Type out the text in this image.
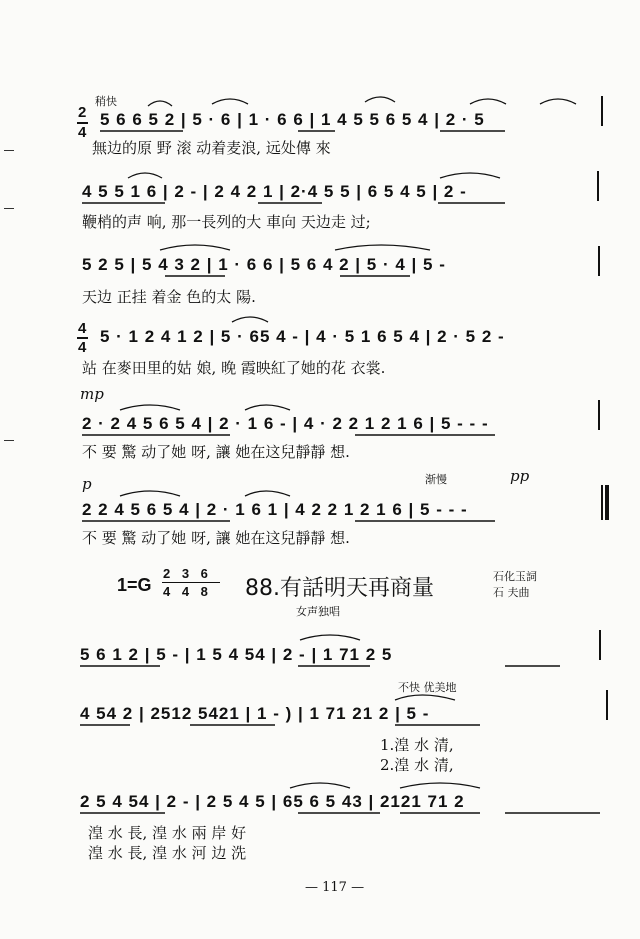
稍快
2
4
5 6 6 5 2 | 5 · 6 | 1 · 6 6 | 1 4 5 5 6 5 4 | 2 · 5
無边的原 野 滚 动着麦浪, 远处傳 來
4 5 5 1 6 | 2 - | 2 4 2 1 | 2·4 5 5 | 6 5 4 5 | 2 -
鞭梢的声 响, 那一長列的大 車向 天边走 过;
5 2 5 | 5 4 3 2 | 1 · 6 6 | 5 6 4 2 | 5 · 4 | 5 -
天边 正挂 着金 色的太 陽.
4
4
5 · 1 2 4 1 2 | 5 · 65 4 - | 4 · 5 1 6 5 4 | 2 · 5 2 -
站 在麥田里的姑 娘, 晚 霞映紅了她的花 衣裳.
mp
2 · 2 4 5 6 5 4 | 2 · 1 6 - | 4 · 2 2 1 2 1 6 | 5 - - -
不 要 驚 动了她 呀, 讓 她在这兒靜靜 想.
p	渐慢	pp
2 2 4 5 6 5 4 | 2 · 1 6 1 | 4 2 2 1 2 1 6 | 5 - - -
不 要 驚 动了她 呀, 讓 她在这兒靜靜 想.
1=G
2 3 6
4 4 8 88.有話明天再商量	石化玉詞
石 夫曲
女声独唱
5 6 1 2 | 5 - | 1 5 4 54 | 2 - | 1 71 2 5
不快 优美地
4 54 2 | 2512 5421 | 1 - ) | 1 71 21 2 | 5 -
1.湟 水 清,
2.湟 水 清,
2 5 4 54 | 2 - | 2 5 4 5 | 65 6 5 43 | 2121 71 2
湟 水 長, 湟 水 兩 岸 好
湟 水 長, 湟 水 河 边 洗
— 117 —
